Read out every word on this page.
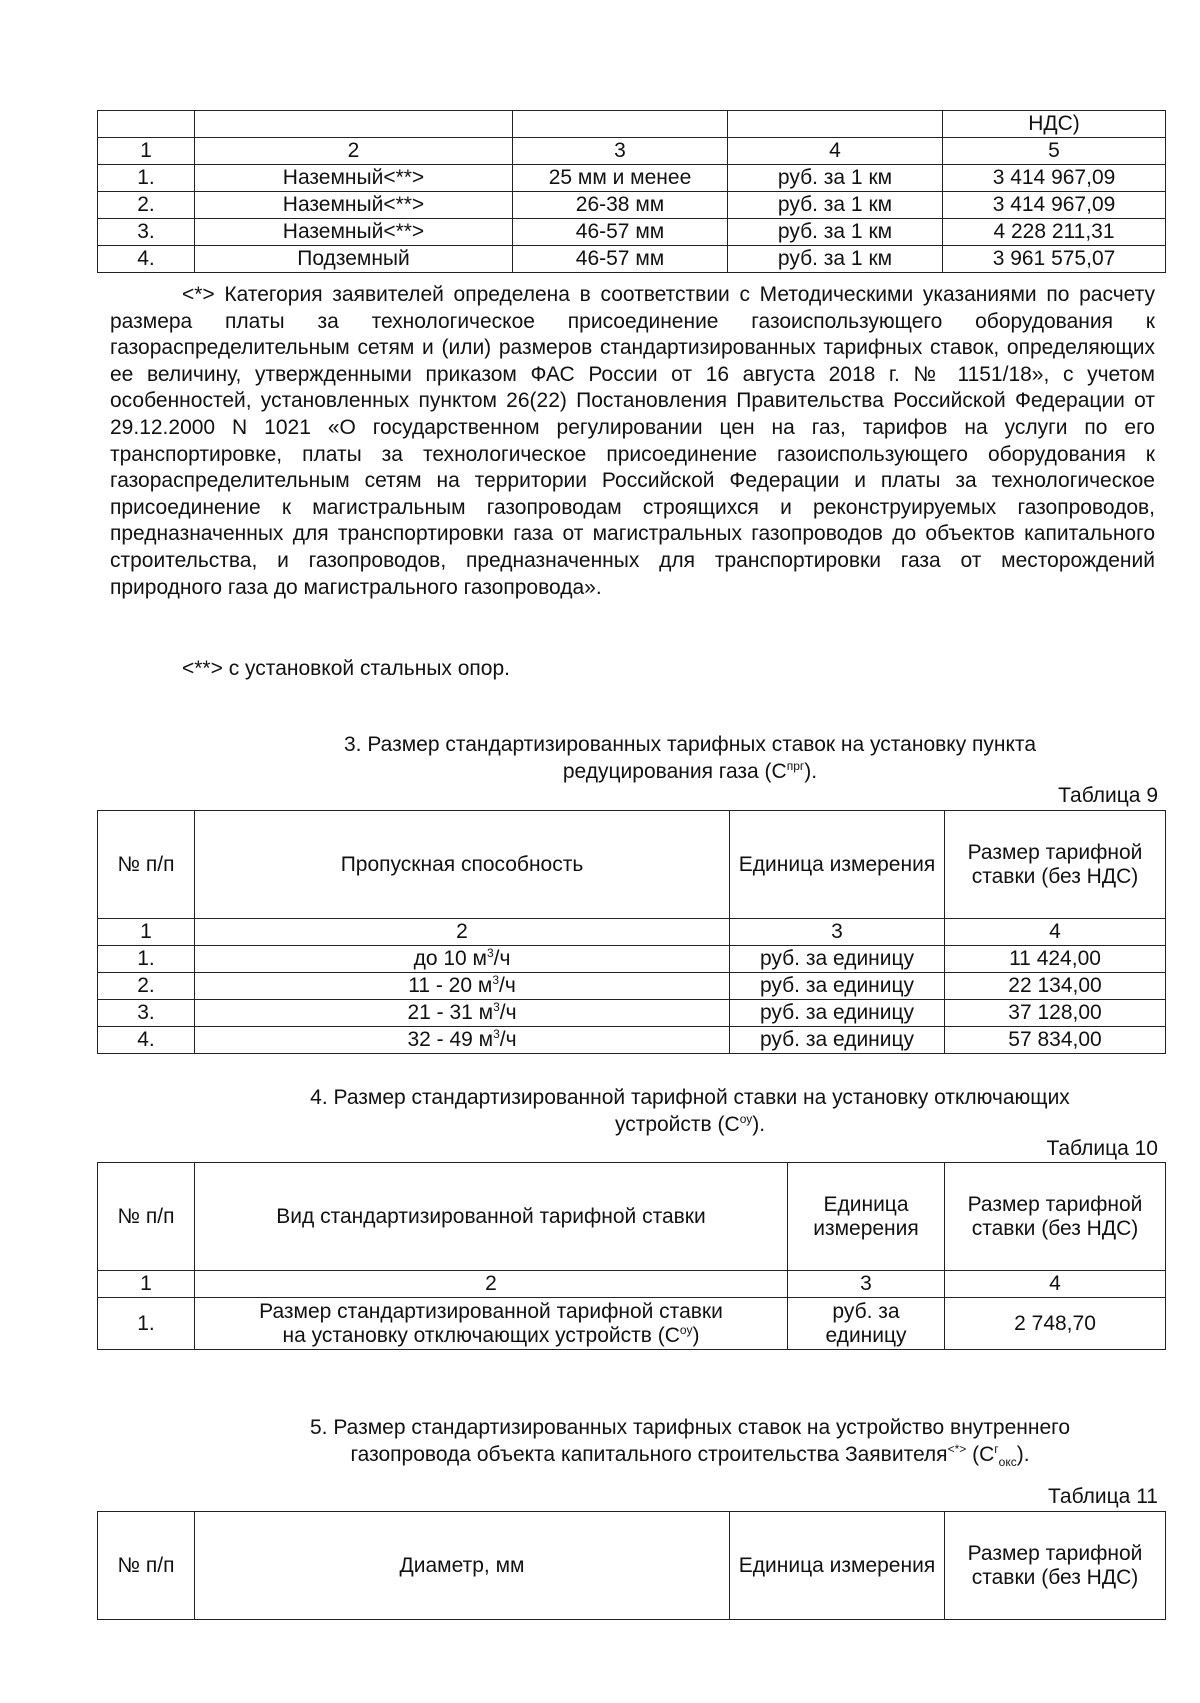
				НДС)
1	2	3	4	5
1.	Наземный<**>	25 мм и менее	руб. за 1 км	3 414 967,09
2.	Наземный<**>	26-38 мм	руб. за 1 км	3 414 967,09
3.	Наземный<**>	46-57 мм	руб. за 1 км	4 228 211,31
4.	Подземный	46-57 мм	руб. за 1 км	3 961 575,07
<*> Категория заявителей определена в соответствии с Методическими указаниями по расчету размера платы за технологическое присоединение газоиспользующего оборудования к газораспределительным сетям и (или) размеров стандартизированных тарифных ставок, определяющих ее величину, утвержденными приказом ФАС России от 16 августа 2018 г. № 1151/18», с учетом особенностей, установленных пунктом 26(22) Постановления Правительства Российской Федерации от 29.12.2000 N 1021 «О государственном регулировании цен на газ, тарифов на услуги по его транспортировке, платы за технологическое присоединение газоиспользующего оборудования к газораспределительным сетям на территории Российской Федерации и платы за технологическое присоединение к магистральным газопроводам строящихся и реконструируемых газопроводов, предназначенных для транспортировки газа от магистральных газопроводов до объектов капитального строительства, и газопроводов, предназначенных для транспортировки газа от месторождений природного газа до магистрального газопровода».
<**> с установкой стальных опор.
3. Размер стандартизированных тарифных ставок на установку пункта
редуцирования газа $(С^{прг})$.
Таблица 9
№ п/п	Пропускная способность	Единица измерения	Размер тарифной ставки (без НДС)
1	2	3	4
1.	до 10 $м^3/ч$	руб. за единицу	11 424,00
2.	11 - 20 $м^3/ч$	руб. за единицу	22 134,00
3.	21 - 31 $м^3/ч$	руб. за единицу	37 128,00
4.	32 - 49 $м^3/ч$	руб. за единицу	57 834,00
4. Размер стандартизированной тарифной ставки на установку отключающих
устройств $(С^{оу})$.
Таблица 10
№ п/п	Вид стандартизированной тарифной ставки	Единица измерения	Размер тарифной ставки (без НДС)
1	2	3	4
1.	Размер стандартизированной тарифной ставки
на установку отключающих устройств $(С^{оу})$	руб. за единицу	2 748,70
5. Размер стандартизированных тарифных ставок на устройство внутреннего
газопровода объекта капитального строительства Заявителя<*> $(С^г_{окс})$.
Таблица 11
№ п/п	Диаметр, мм	Единица измерения	Размер тарифной ставки (без НДС)
